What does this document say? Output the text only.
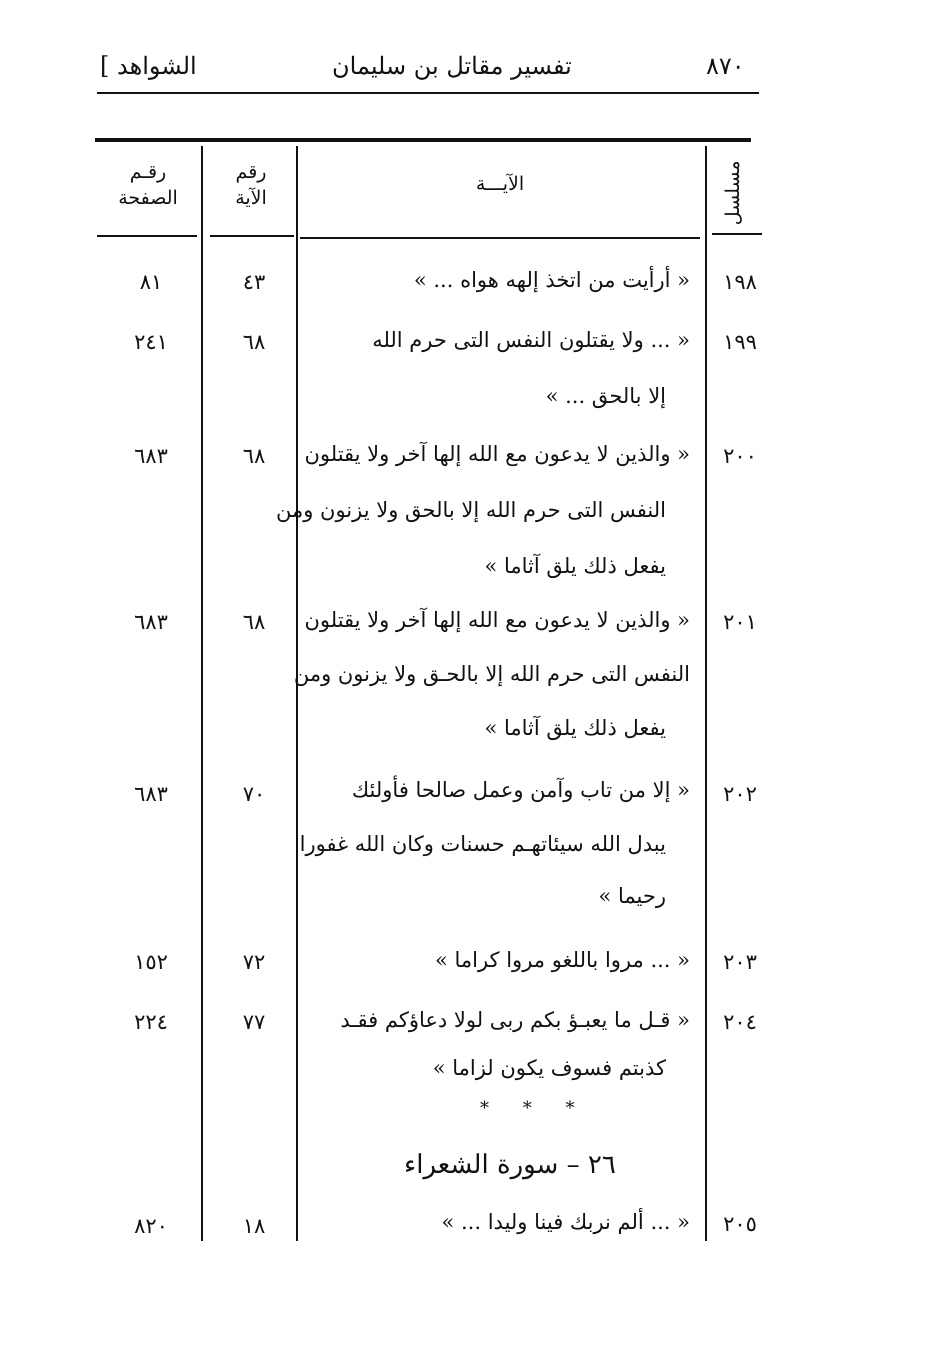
٨٧٠
تفسير مقاتل بن سليمان
[ الشواهد
مسلسل
الآيـــة
رقم
الآية
رقـم
الصفحة
١٩٨
« أرأيت من اتخذ إلهه هواه ... »
٤٣
٨١
١٩٩
« ... ولا يقتلون النفس التى حرم الله
إلا بالحق ... »
٦٨
٢٤١
٢٠٠
« والذين لا يدعون مع الله إلها آخر ولا يقتلون
النفس التى حرم الله إلا بالحق ولا يزنون ومن
يفعل ذلك يلق آثاما »
٦٨
٦٨٣
٢٠١
« والذين لا يدعون مع الله إلها آخر ولا يقتلون
النفس التى حرم الله إلا بالحـق ولا يزنون ومن
يفعل ذلك يلق آثاما »
٦٨
٦٨٣
٢٠٢
« إلا من تاب وآمن وعمل صالحا فأولئك
يبدل الله سيئاتهـم حسنات وكان الله غفورا
رحيما »
٧٠
٦٨٣
٢٠٣
« ... مروا باللغو مروا كراما »
٧٢
١٥٢
٢٠٤
« قـل ما يعبـؤ بكم ربى لولا دعاؤكم فقـد
كذبتم فسوف يكون لزاما »
٧٧
٢٢٤
* * *
٢٦ – سورة الشعراء
٢٠٥
« ... ألم نربك فينا وليدا ... »
١٨
٨٢٠
